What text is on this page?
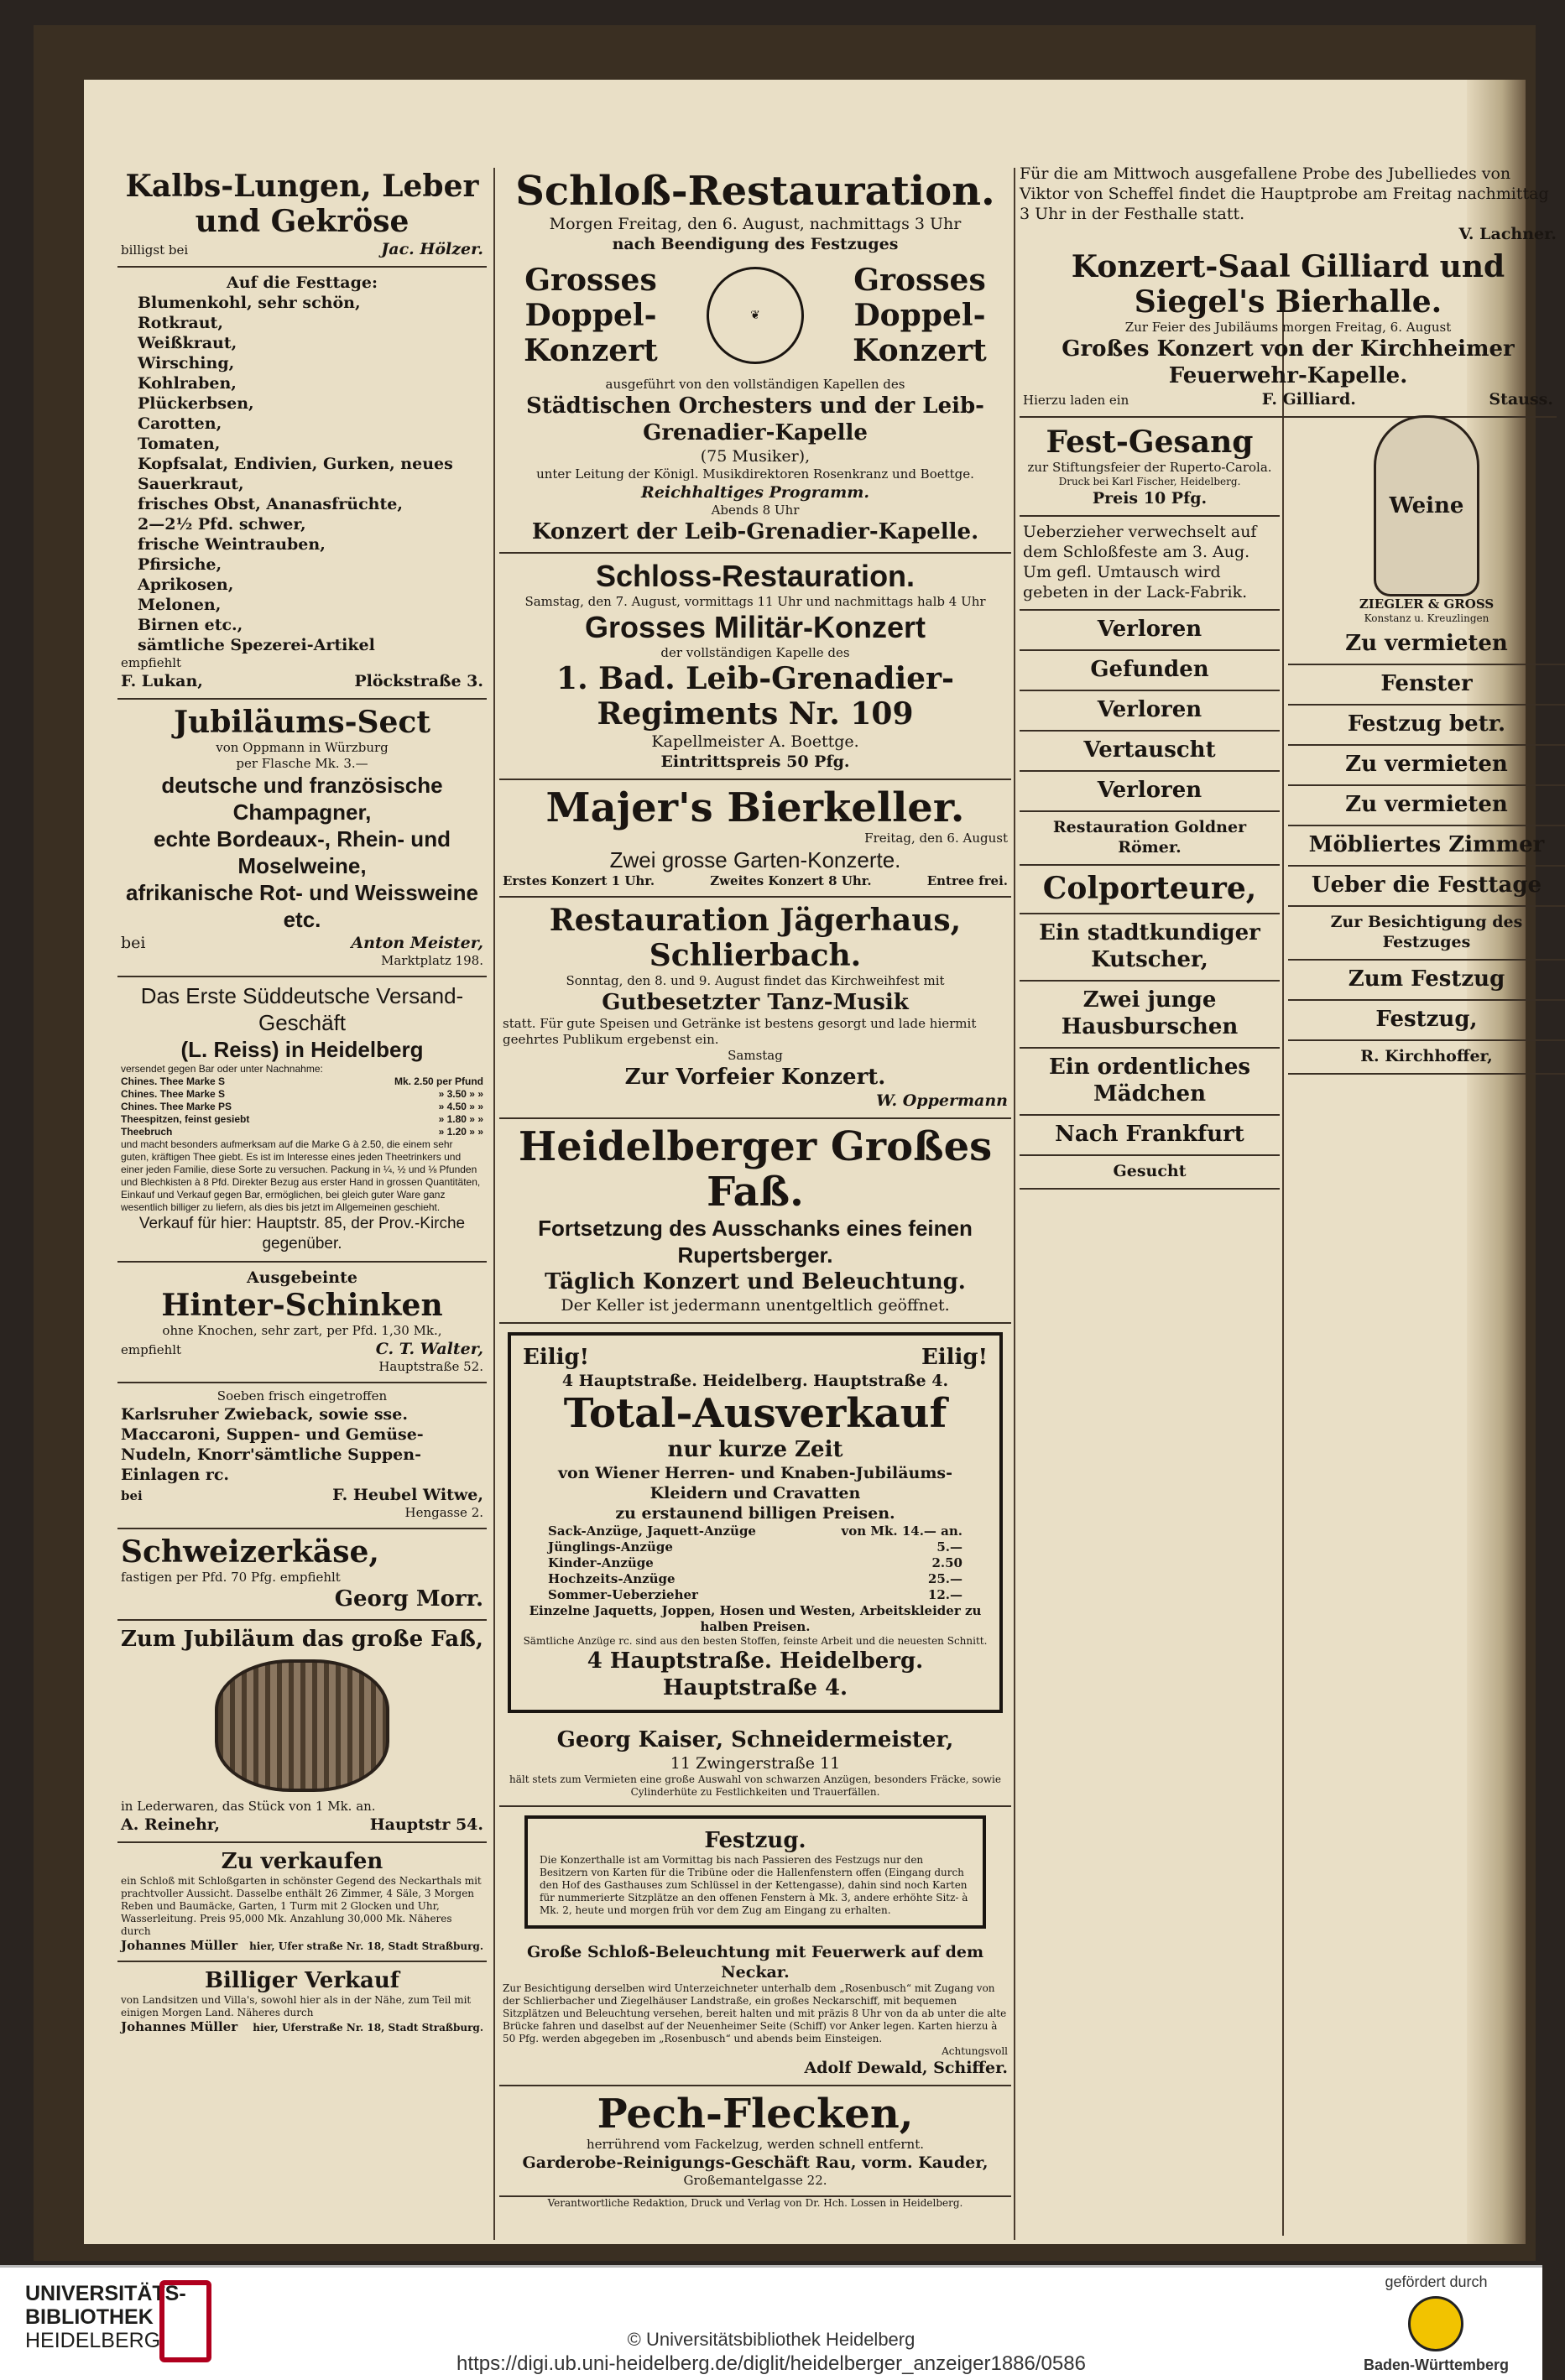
Kalbs-Lungen, Leber und Gekröse
billigst bei	Jac. Hölzer.
Auf die Festtage:
Blumenkohl, sehr schön,
Rotkraut,
Weißkraut,
Wirsching,
Kohlraben,
Plückerbsen,
Carotten,
Tomaten,
Kopfsalat, Endivien, Gurken, neues Sauerkraut,
frisches Obst, Ananasfrüchte,
2—2½ Pfd. schwer,
frische Weintrauben,
Pfirsiche,
Aprikosen,
Melonen,
Birnen etc.,
sämtliche Spezerei-Artikel
empfiehlt
F. Lukan,	Plöckstraße 3.
Jubiläums-Sect
von Oppmann in Würzburg
per Flasche Mk. 3.—
deutsche und französische Champagner,
echte Bordeaux-, Rhein- und Moselweine,
afrikanische Rot- und Weissweine etc.
bei	Anton Meister,
Marktplatz 198.
Das Erste Süddeutsche Versand-Geschäft
(L. Reiss) in Heidelberg
versendet gegen Bar oder unter Nachnahme:
Chines. Thee Marke S	Mk. 2.50 per Pfund
Chines. Thee Marke S	» 3.50 » »
Chines. Thee Marke PS	» 4.50 » »
Theespitzen, feinst gesiebt	» 1.80 » »
Theebruch	» 1.20 » »
und macht besonders aufmerksam auf die Marke G à 2.50, die einem sehr guten, kräftigen Thee giebt. Es ist im Interesse eines jeden Theetrinkers und einer jeden Familie, diese Sorte zu versuchen. Packung in ¼, ½ und ⅛ Pfunden und Blechkisten à 8 Pfd. Direkter Bezug aus erster Hand in grossen Quantitäten, Einkauf und Verkauf gegen Bar, ermöglichen, bei gleich guter Ware ganz wesentlich billiger zu liefern, als dies bis jetzt im Allgemeinen geschieht.
Verkauf für hier: Hauptstr. 85, der Prov.-Kirche gegenüber.
Ausgebeinte
Hinter-Schinken
ohne Knochen, sehr zart, per Pfd. 1,30 Mk.,
empfiehlt	C. T. Walter,
Hauptstraße 52.
Soeben frisch eingetroffen
Karlsruher Zwieback, sowie sse.
Maccaroni, Suppen- und Gemüse-
Nudeln, Knorr'sämtliche Suppen-
Einlagen rc.
bei	F. Heubel Witwe,
Hengasse 2.
Schweizerkäse,
fastigen per Pfd. 70 Pfg. empfiehlt
Georg Morr.
Zum Jubiläum das große Faß,
in Lederwaren, das Stück von 1 Mk. an.
A. Reinehr,	Hauptstr 54.
Zu verkaufen
ein Schloß mit Schloßgarten in schönster Gegend des Neckarthals mit prachtvoller Aussicht. Dasselbe enthält 26 Zimmer, 4 Säle, 3 Morgen Reben und Baumäcke, Garten, 1 Turm mit 2 Glocken und Uhr, Wasserleitung. Preis 95,000 Mk. Anzahlung 30,000 Mk. Näheres durch
Johannes Müller hier, Ufer straße Nr. 18, Stadt Straßburg.
Billiger Verkauf
von Landsitzen und Villa's, sowohl hier als in der Nähe, zum Teil mit einigen Morgen Land. Näheres durch
Johannes Müller hier, Uferstraße Nr. 18, Stadt Straßburg.
Schloß-Restauration.
Morgen Freitag, den 6. August, nachmittags 3 Uhr
nach Beendigung des Festzuges
Grosses Doppel- Konzert
❦
Grosses Doppel- Konzert
ausgeführt von den vollständigen Kapellen des
Städtischen Orchesters und der Leib-Grenadier-Kapelle
(75 Musiker),
unter Leitung der Königl. Musikdirektoren Rosenkranz und Boettge.
Reichhaltiges Programm.
Abends 8 Uhr
Konzert der Leib-Grenadier-Kapelle.
Schloss-Restauration.
Samstag, den 7. August, vormittags 11 Uhr und nachmittags halb 4 Uhr
Grosses Militär-Konzert
der vollständigen Kapelle des
1. Bad. Leib-Grenadier-Regiments Nr. 109
Kapellmeister A. Boettge.
Eintrittspreis 50 Pfg.
Majer's Bierkeller.
Freitag, den 6. August
Zwei grosse Garten-Konzerte.
Erstes Konzert 1 Uhr.	Zweites Konzert 8 Uhr.	Entree frei.
Restauration Jägerhaus, Schlierbach.
Sonntag, den 8. und 9. August findet das Kirchweihfest mit
Gutbesetzter Tanz-Musik
statt. Für gute Speisen und Getränke ist bestens gesorgt und lade hiermit geehrtes Publikum ergebenst ein.
Samstag
Zur Vorfeier Konzert.
W. Oppermann
Heidelberger Großes Faß.
Fortsetzung des Ausschanks eines feinen Rupertsberger.
Täglich Konzert und Beleuchtung.
Der Keller ist jedermann unentgeltlich geöffnet.
Eilig!	Eilig!
4 Hauptstraße. Heidelberg. Hauptstraße 4.
Total-Ausverkauf
nur kurze Zeit
von Wiener Herren- und Knaben-Jubiläums-Kleidern und Cravatten
zu erstaunend billigen Preisen.
Sack-Anzüge, Jaquett-Anzüge	von Mk. 14.— an.
Jünglings-Anzüge	5.—
Kinder-Anzüge	2.50
Hochzeits-Anzüge	25.—
Sommer-Ueberzieher	12.—
Einzelne Jaquetts, Joppen, Hosen und Westen, Arbeitskleider zu halben Preisen.
Sämtliche Anzüge rc. sind aus den besten Stoffen, feinste Arbeit und die neuesten Schnitt.
4 Hauptstraße. Heidelberg. Hauptstraße 4.
Georg Kaiser, Schneidermeister,
11 Zwingerstraße 11
hält stets zum Vermieten eine große Auswahl von schwarzen Anzügen, besonders Fräcke, sowie Cylinderhüte zu Festlichkeiten und Trauerfällen.
Festzug.
Die Konzerthalle ist am Vormittag bis nach Passieren des Festzugs nur den Besitzern von Karten für die Tribüne oder die Hallenfenstern offen (Eingang durch den Hof des Gasthauses zum Schlüssel in der Kettengasse), dahin sind noch Karten für nummerierte Sitzplätze an den offenen Fenstern à Mk. 3, andere erhöhte Sitz- à Mk. 2, heute und morgen früh vor dem Zug am Eingang zu erhalten.
Große Schloß-Beleuchtung mit Feuerwerk auf dem Neckar.
Zur Besichtigung derselben wird Unterzeichneter unterhalb dem „Rosenbusch“ mit Zugang von der Schlierbacher und Ziegelhäuser Landstraße, ein großes Neckarschiff, mit bequemen Sitzplätzen und Beleuchtung versehen, bereit halten und mit präzis 8 Uhr von da ab unter die alte Brücke fahren und daselbst auf der Neuenheimer Seite (Schiff) vor Anker legen. Karten hierzu à 50 Pfg. werden abgegeben im „Rosenbusch“ und abends beim Einsteigen.
Achtungsvoll
Adolf Dewald, Schiffer.
Pech-Flecken,
herrührend vom Fackelzug, werden schnell entfernt.
Garderobe-Reinigungs-Geschäft Rau, vorm. Kauder,
Großemantelgasse 22.
Verantwortliche Redaktion, Druck und Verlag von Dr. Hch. Lossen in Heidelberg.
Für die am Mittwoch ausgefallene Probe des Jubelliedes von Viktor von Scheffel findet die Hauptprobe am Freitag nachmittag 3 Uhr in der Festhalle statt.
V. Lachner.
Konzert-Saal Gilliard und Siegel's Bierhalle.
Zur Feier des Jubiläums morgen Freitag, 6. August
Großes Konzert von der Kirchheimer Feuerwehr-Kapelle.
Hierzu laden ein	F. Gilliard.	Stauss.
Fest-Gesang
zur Stiftungsfeier der Ruperto-Carola.
Druck bei Karl Fischer, Heidelberg.
Preis 10 Pfg.
Ueberzieher verwechselt auf dem Schloßfeste am 3. Aug. Um gefl. Umtausch wird gebeten in der Lack-Fabrik.
Verloren
Gefunden
Verloren
Vertauscht
Verloren
Restauration Goldner Römer.
Colporteure,
Ein stadtkundiger Kutscher,
Zwei junge Hausburschen
Ein ordentliches Mädchen
Nach Frankfurt
Gesucht
Weine
ZIEGLER & GROSS
Konstanz u. Kreuzlingen
Zu vermieten
Fenster
Festzug betr.
Zu vermieten
Zu vermieten
Möbliertes Zimmer
Ueber die Festtage
Zur Besichtigung des Festzuges
Zum Festzug
Festzug,
R. Kirchhoffer,
UNIVERSITÄTS-
BIBLIOTHEK
HEIDELBERG	© Universitätsbibliothek Heidelberg
https://digi.ub.uni-heidelberg.de/diglit/heidelberger_anzeiger1886/0586
gefördert durch
Baden-Württemberg
